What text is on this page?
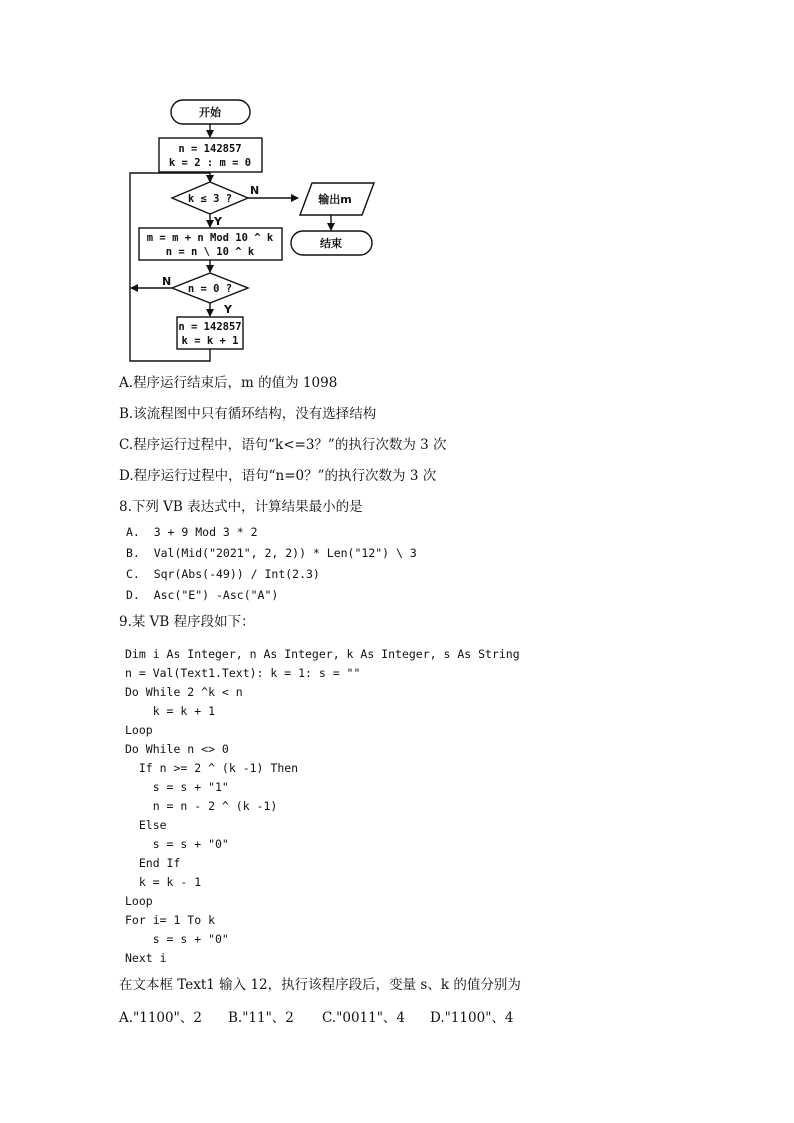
开始
n = 142857
k = 2 : m = 0
k ≤ 3 ?
N
Y
输出m
结束
m = m + n Mod 10 ^ k
n = n \ 10 ^ k
n = 0 ?
N
Y
n = 142857
k = k + 1
A.程序运行结束后，m 的值为 1098
B.该流程图中只有循环结构，没有选择结构
C.程序运行过程中，语句“k<=3？”的执行次数为 3 次
D.程序运行过程中，语句“n=0？”的执行次数为 3 次
8.下列 VB 表达式中，计算结果最小的是
A.  3 + 9 Mod 3 * 2
B.  Val(Mid("2021", 2, 2)) * Len("12") \ 3
C.  Sqr(Abs(-49)) / Int(2.3)
D.  Asc("E") -Asc("A")
9.某 VB 程序段如下：
Dim i As Integer, n As Integer, k As Integer, s As String
n = Val(Text1.Text): k = 1: s = ""
Do While 2 ^k < n
k = k + 1
Loop
Do While n <> 0
If n >= 2 ^ (k -1) Then
s = s + "1"
n = n - 2 ^ (k -1)
Else
s = s + "0"
End If
k = k - 1
Loop
For i= 1 To k
s = s + "0"
Next i
在文本框 Text1 输入 12，执行该程序段后，变量 s、k 的值分别为
A."1100"、2 B."11"、2 C."0011"、4 D."1100"、4
